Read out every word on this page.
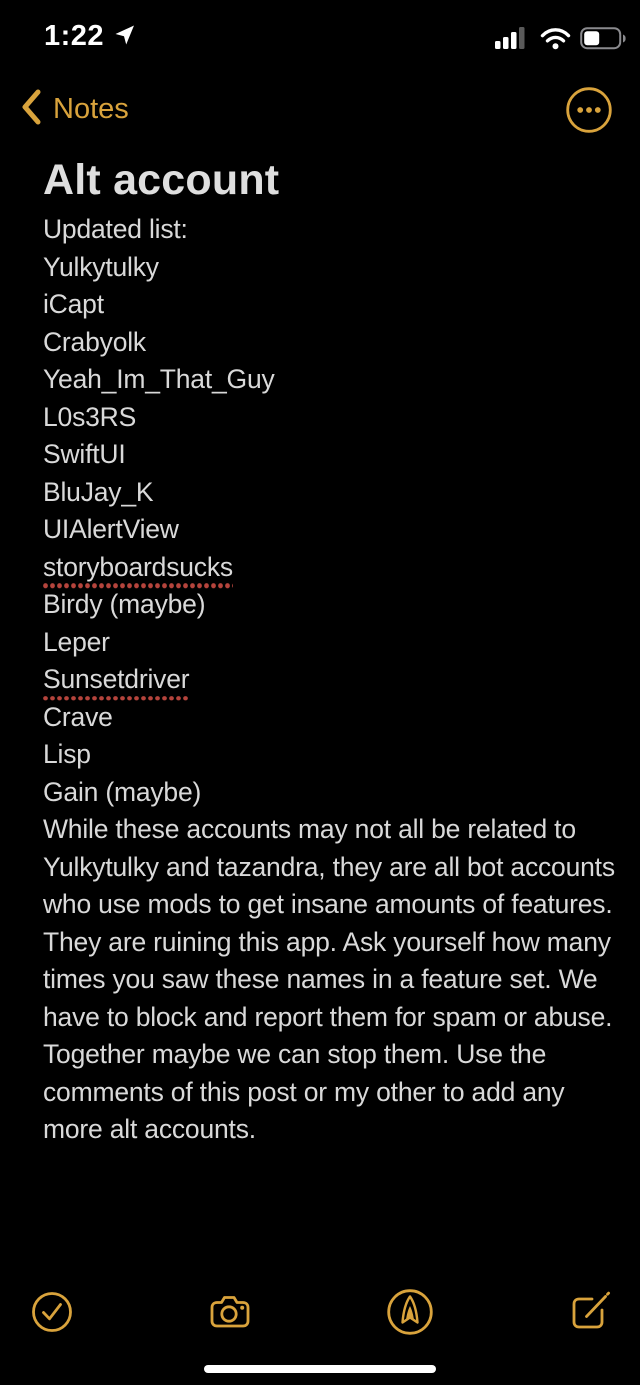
1:22
Notes
Alt account
Updated list:
Yulkytulky
iCapt
Crabyolk
Yeah_Im_That_Guy
L0s3RS
SwiftUI
BluJay_K
UIAlertView
storyboardsucks
Birdy (maybe)
Leper
Sunsetdriver
Crave
Lisp
Gain (maybe)
While these accounts may not all be related to Yulkytulky and tazandra, they are all bot accounts who use mods to get insane amounts of features. They are ruining this app. Ask yourself how many times you saw these names in a feature set. We have to block and report them for spam or abuse. Together maybe we can stop them. Use the comments of this post or my other to add any more alt accounts.
